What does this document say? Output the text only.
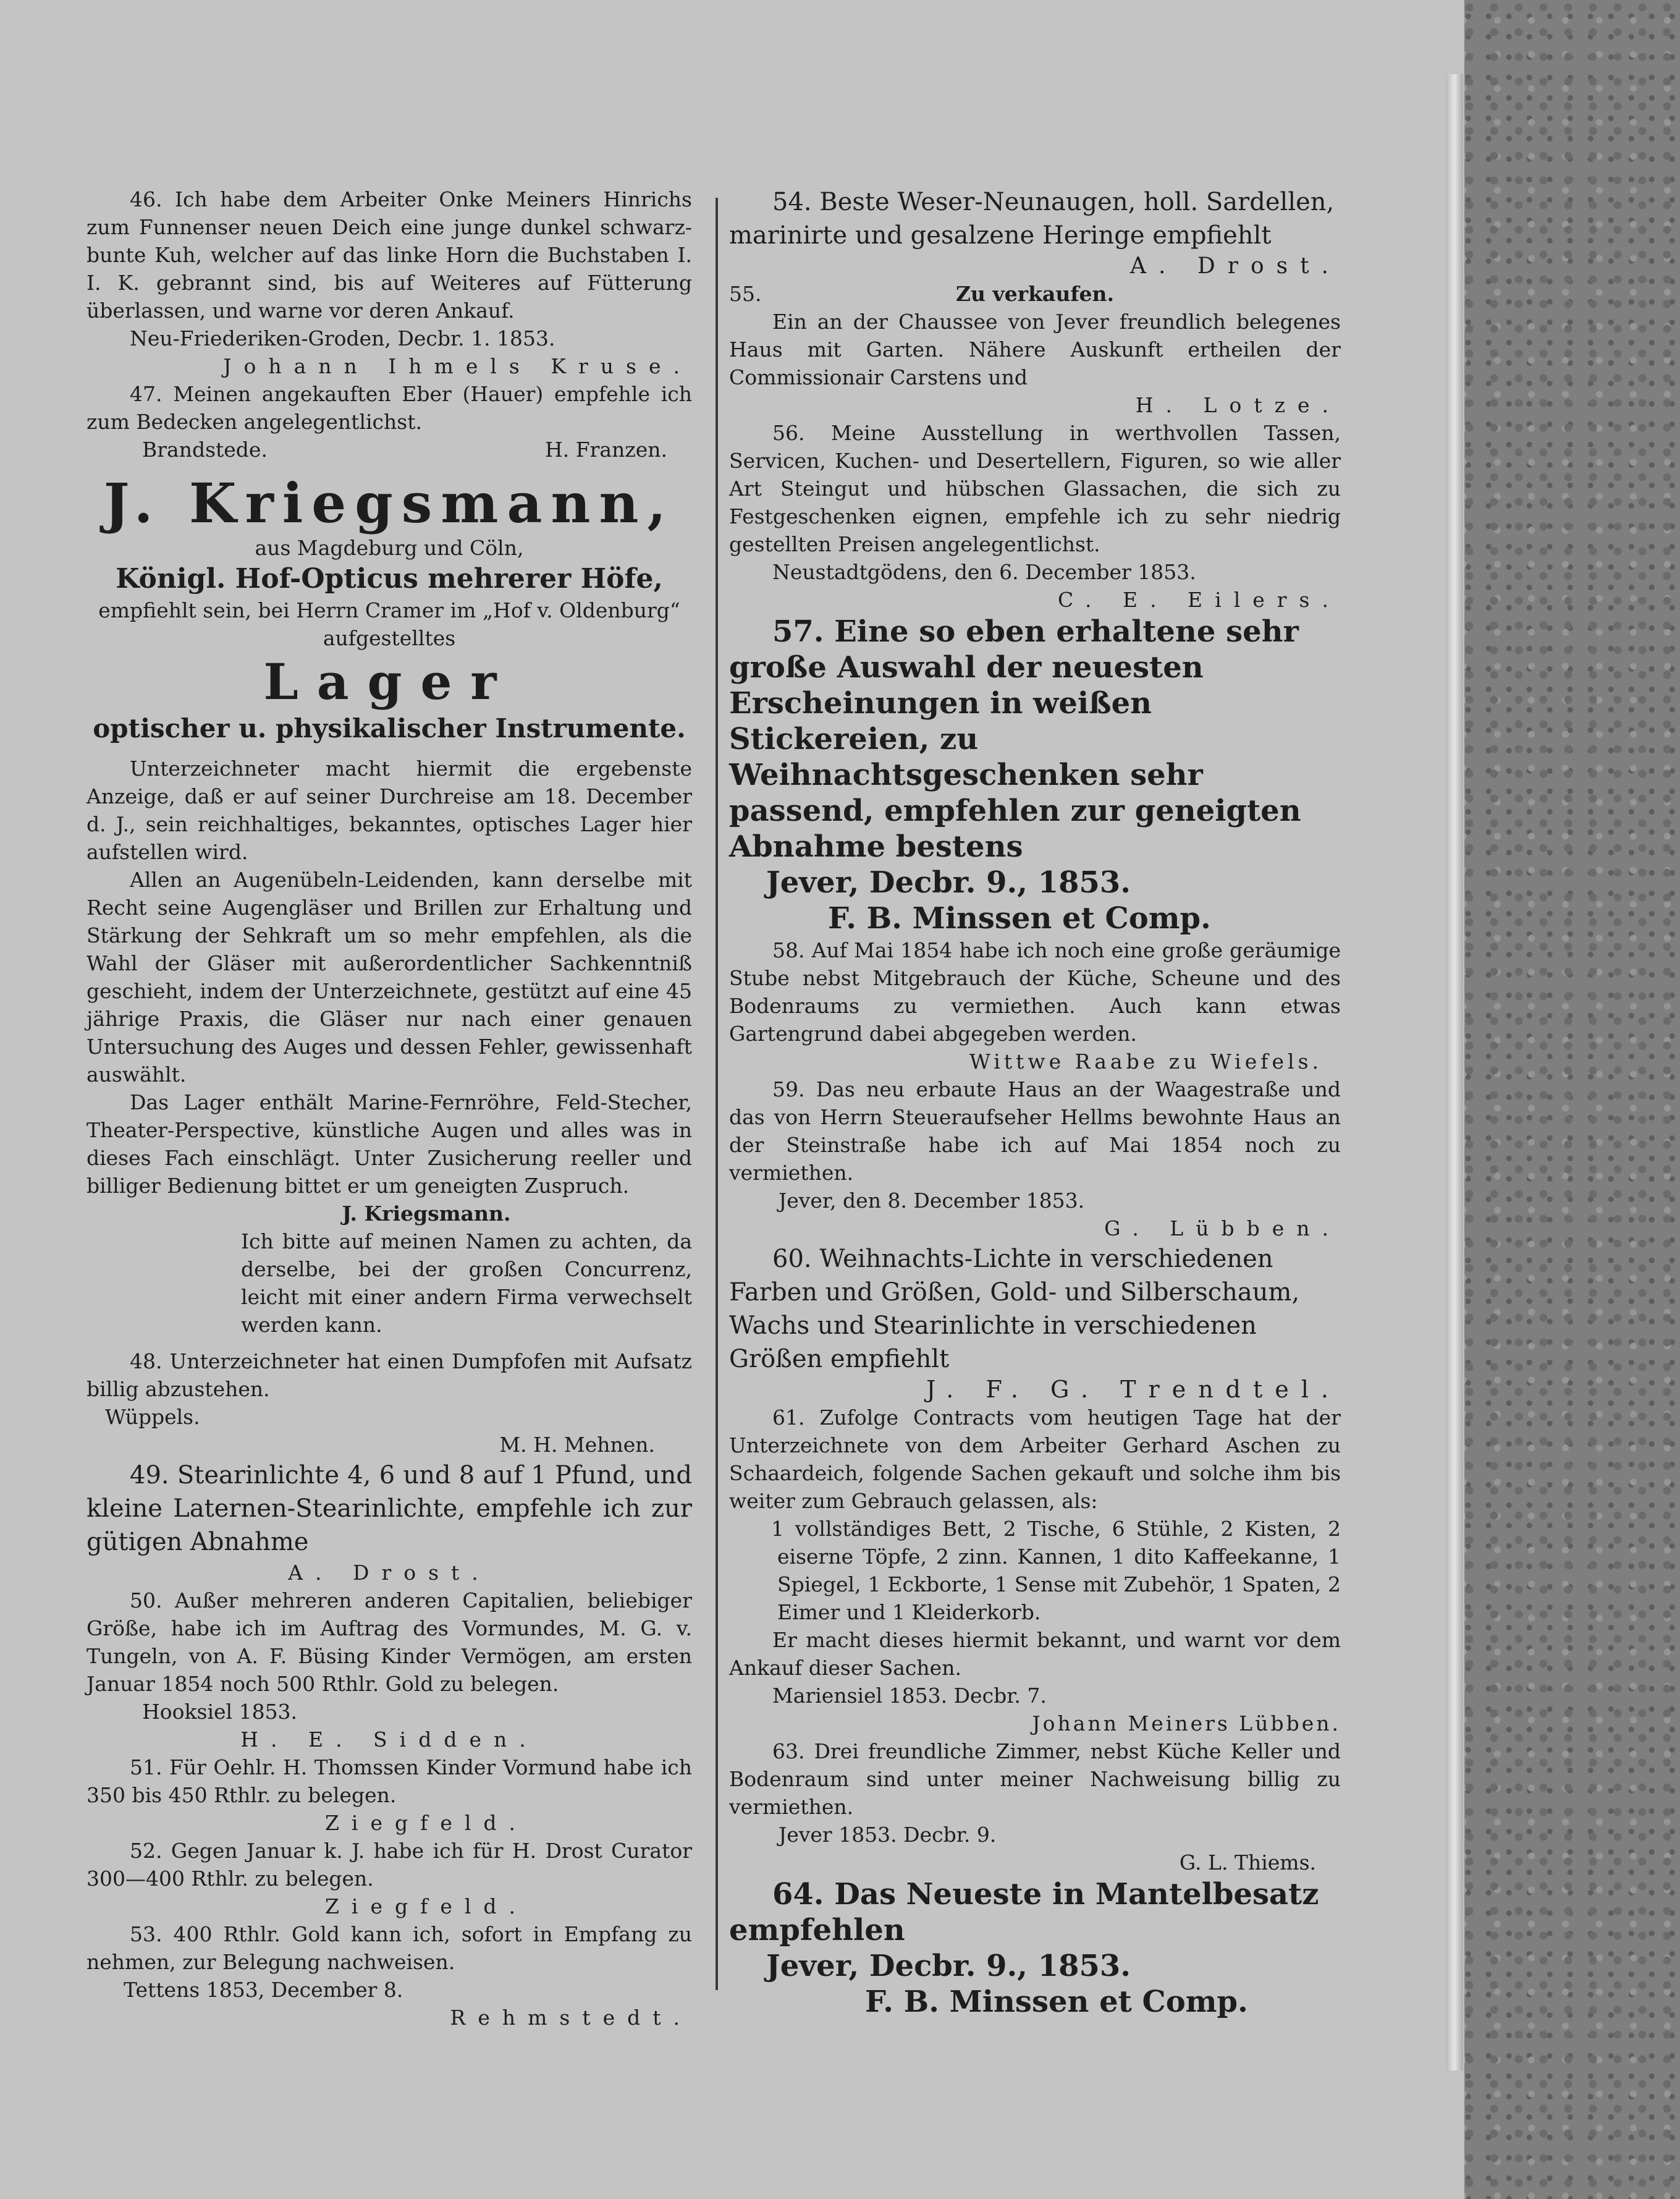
46. Ich habe dem Arbeiter Onke Meiners Hinrichs zum Funnenser neuen Deich eine junge dunkel schwarz-bunte Kuh, welcher auf das linke Horn die Buchstaben I. I. K. gebrannt sind, bis auf Weiteres auf Fütterung überlassen, und warne vor deren Ankauf.

Neu-Friederiken-Groden, Decbr. 1. 1853.

Johann Ihmels Kruse.

47. Meinen angekauften Eber (Hauer) empfehle ich zum Bedecken angelegentlichst.

Brandstede.	H. Franzen.

J. Kriegsmann,

aus Magdeburg und Cöln,

Königl. Hof-Opticus mehrerer Höfe,

empfiehlt sein, bei Herrn Cramer im „Hof v. Oldenburg“

aufgestelltes

Lager

optischer u. physikalischer Instrumente.

Unterzeichneter macht hiermit die ergebenste Anzeige, daß er auf seiner Durchreise am 18. December d. J., sein reichhaltiges, bekanntes, optisches Lager hier aufstellen wird.

Allen an Augenübeln-Leidenden, kann derselbe mit Recht seine Augengläser und Brillen zur Erhaltung und Stärkung der Sehkraft um so mehr empfehlen, als die Wahl der Gläser mit außerordentlicher Sachkenntniß geschieht, indem der Unterzeichnete, gestützt auf eine 45 jährige Praxis, die Gläser nur nach einer genauen Untersuchung des Auges und dessen Fehler, gewissenhaft auswählt.

Das Lager enthält Marine-Fernröhre, Feld-Stecher, Theater-Perspective, künstliche Augen und alles was in dieses Fach einschlägt. Unter Zusicherung reeller und billiger Bedienung bittet er um geneigten Zuspruch.

J. Kriegsmann.

Ich bitte auf meinen Namen zu achten, da derselbe, bei der großen Concurrenz, leicht mit einer andern Firma verwechselt werden kann.

48. Unterzeichneter hat einen Dumpfofen mit Aufsatz billig abzustehen.

Wüppels.

M. H. Mehnen.

49. Stearinlichte 4, 6 und 8 auf 1 Pfund, und kleine Laternen-Stearinlichte, empfehle ich zur gütigen Abnahme

A. Drost.

50. Außer mehreren anderen Capitalien, beliebiger Größe, habe ich im Auftrag des Vormundes, M. G. v. Tungeln, von A. F. Büsing Kinder Vermögen, am ersten Januar 1854 noch 500 Rthlr. Gold zu belegen.

Hooksiel 1853.

H. E. Sidden.

51. Für Oehlr. H. Thomssen Kinder Vormund habe ich 350 bis 450 Rthlr. zu belegen.

Ziegfeld.

52. Gegen Januar k. J. habe ich für H. Drost Curator 300—400 Rthlr. zu belegen.

Ziegfeld.

53. 400 Rthlr. Gold kann ich, sofort in Empfang zu nehmen, zur Belegung nachweisen.

Tettens 1853, December 8.

Rehmstedt.

54. Beste Weser-Neunaugen, holl. Sardellen, marinirte und gesalzene Heringe empfiehlt

A. Drost.

55.	Zu verkaufen.

Ein an der Chaussee von Jever freundlich belegenes Haus mit Garten. Nähere Auskunft ertheilen der Commissionair Carstens und

H. Lotze.

56. Meine Ausstellung in werthvollen Tassen, Servicen, Kuchen- und Desertellern, Figuren, so wie aller Art Steingut und hübschen Glassachen, die sich zu Festgeschenken eignen, empfehle ich zu sehr niedrig gestellten Preisen angelegentlichst.

Neustadtgödens, den 6. December 1853.

C. E. Eilers.

57. Eine so eben erhaltene sehr große Auswahl der neuesten Erscheinungen in weißen Stickereien, zu Weihnachtsgeschenken sehr passend, empfehlen zur geneigten Abnahme bestens

Jever, Decbr. 9., 1853.

F. B. Minssen et Comp.

58. Auf Mai 1854 habe ich noch eine große geräumige Stube nebst Mitgebrauch der Küche, Scheune und des Bodenraums zu vermiethen. Auch kann etwas Gartengrund dabei abgegeben werden.

Wittwe Raabe zu Wiefels.

59. Das neu erbaute Haus an der Waagestraße und das von Herrn Steueraufseher Hellms bewohnte Haus an der Steinstraße habe ich auf Mai 1854 noch zu vermiethen.

Jever, den 8. December 1853.

G. Lübben.

60. Weihnachts-Lichte in verschiedenen Farben und Größen, Gold- und Silberschaum, Wachs und Stearinlichte in verschiedenen Größen empfiehlt

J. F. G. Trendtel.

61. Zufolge Contracts vom heutigen Tage hat der Unterzeichnete von dem Arbeiter Gerhard Aschen zu Schaardeich, folgende Sachen gekauft und solche ihm bis weiter zum Gebrauch gelassen, als:

1 vollständiges Bett, 2 Tische, 6 Stühle, 2 Kisten, 2 eiserne Töpfe, 2 zinn. Kannen, 1 dito Kaffeekanne, 1 Spiegel, 1 Eckborte, 1 Sense mit Zubehör, 1 Spaten, 2 Eimer und 1 Kleiderkorb.

Er macht dieses hiermit bekannt, und warnt vor dem Ankauf dieser Sachen.

Mariensiel 1853. Decbr. 7.

Johann Meiners Lübben.

63. Drei freundliche Zimmer, nebst Küche Keller und Bodenraum sind unter meiner Nachweisung billig zu vermiethen.

Jever 1853. Decbr. 9.

G. L. Thiems.

64. Das Neueste in Mantelbesatz empfehlen

Jever, Decbr. 9., 1853.

F. B. Minssen et Comp.
